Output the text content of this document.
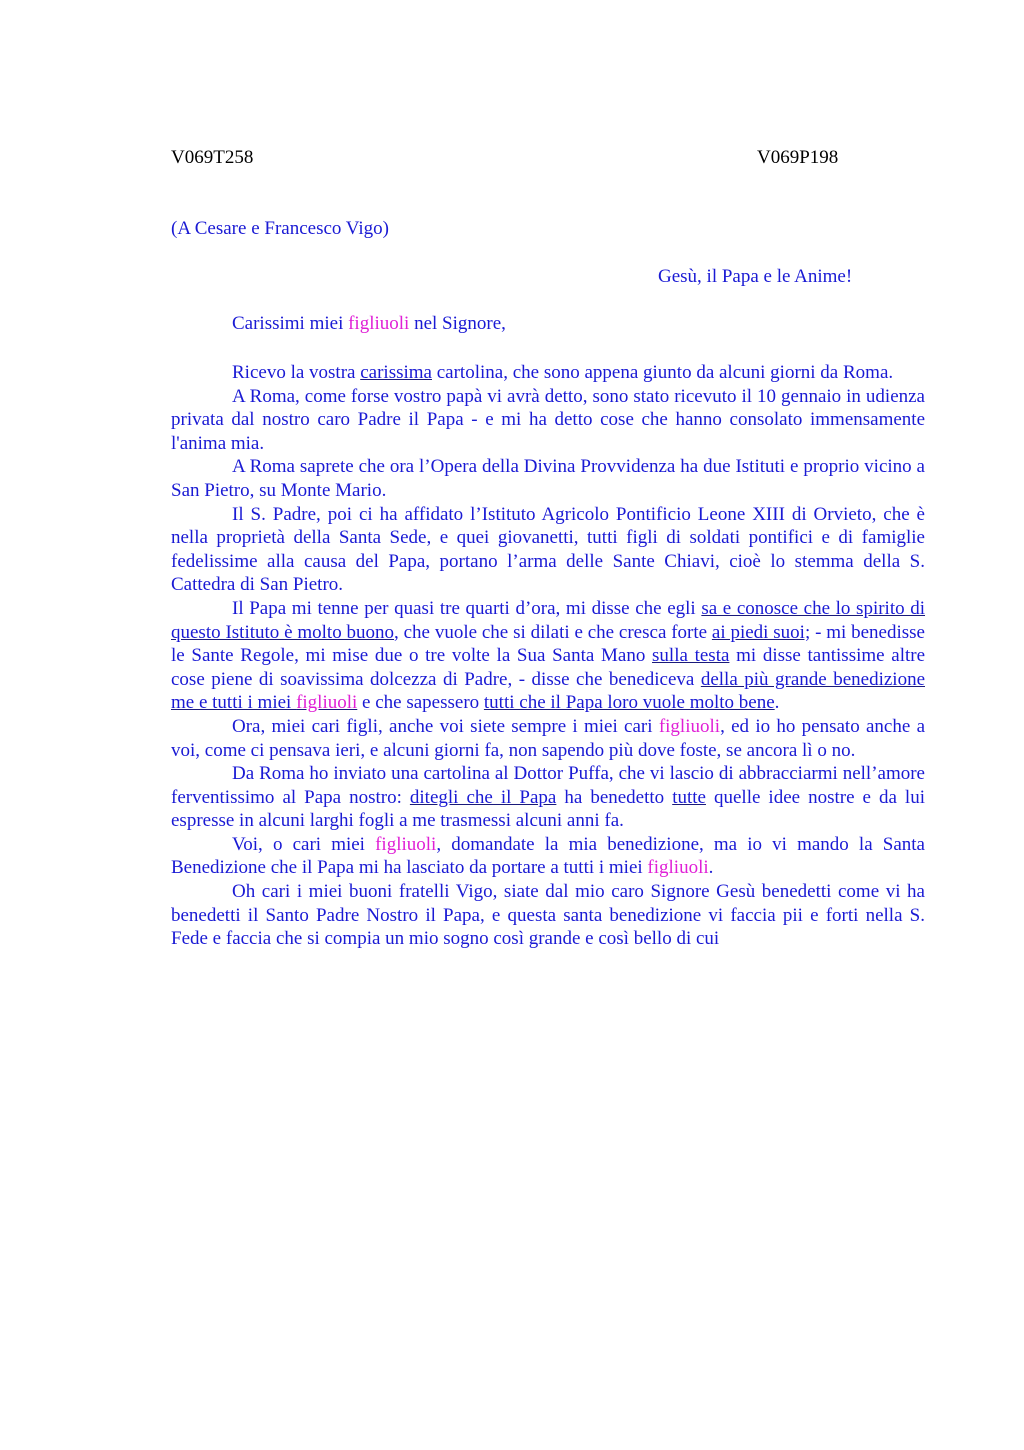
V069T258	V069P198
(A Cesare e Francesco Vigo)
Gesù, il Papa e le Anime!
Carissimi miei figliuoli nel Signore,

Ricevo la vostra carissima cartolina, che sono appena giunto da alcuni giorni da Roma.

A Roma, come forse vostro papà vi avrà detto, sono stato ricevuto il 10 gennaio in udienza privata dal nostro caro Padre il Papa - e mi ha detto cose che hanno consolato immensamente l'anima mia.

A Roma saprete che ora l’Opera della Divina Provvidenza ha due Istituti e proprio vicino a San Pietro, su Monte Mario.

Il S. Padre, poi ci ha affidato l’Istituto Agricolo Pontificio Leone XIII di Orvieto, che è nella proprietà della Santa Sede, e quei giovanetti, tutti figli di soldati pontifici e di famiglie fedelissime alla causa del Papa, portano l’arma delle Sante Chiavi, cioè lo stemma della S. Cattedra di San Pietro.

Il Papa mi tenne per quasi tre quarti d’ora, mi disse che egli sa e conosce che lo spirito di questo Istituto è molto buono, che vuole che si dilati e che cresca forte ai piedi suoi; - mi benedisse le Sante Regole, mi mise due o tre volte la Sua Santa Mano sulla testa mi disse tantissime altre cose piene di soavissima dolcezza di Padre, - disse che benediceva della più grande benedizione me e tutti i miei figliuoli e che sapessero tutti che il Papa loro vuole molto bene.

Ora, miei cari figli, anche voi siete sempre i miei cari figliuoli, ed io ho pensato anche a voi, come ci pensava ieri, e alcuni giorni fa, non sapendo più dove foste, se ancora lì o no.

Da Roma ho inviato una cartolina al Dottor Puffa, che vi lascio di abbracciarmi nell’amore ferventissimo al Papa nostro: ditegli che il Papa ha benedetto tutte quelle idee nostre e da lui espresse in alcuni larghi fogli a me trasmessi alcuni anni fa.

Voi, o cari miei figliuoli, domandate la mia benedizione, ma io vi mando la Santa Benedizione che il Papa mi ha lasciato da portare a tutti i miei figliuoli.

Oh cari i miei buoni fratelli Vigo, siate dal mio caro Signore Gesù benedetti come vi ha benedetti il Santo Padre Nostro il Papa, e questa santa benedizione vi faccia pii e forti nella S. Fede e faccia che si compia un mio sogno così grande e così bello di cui
